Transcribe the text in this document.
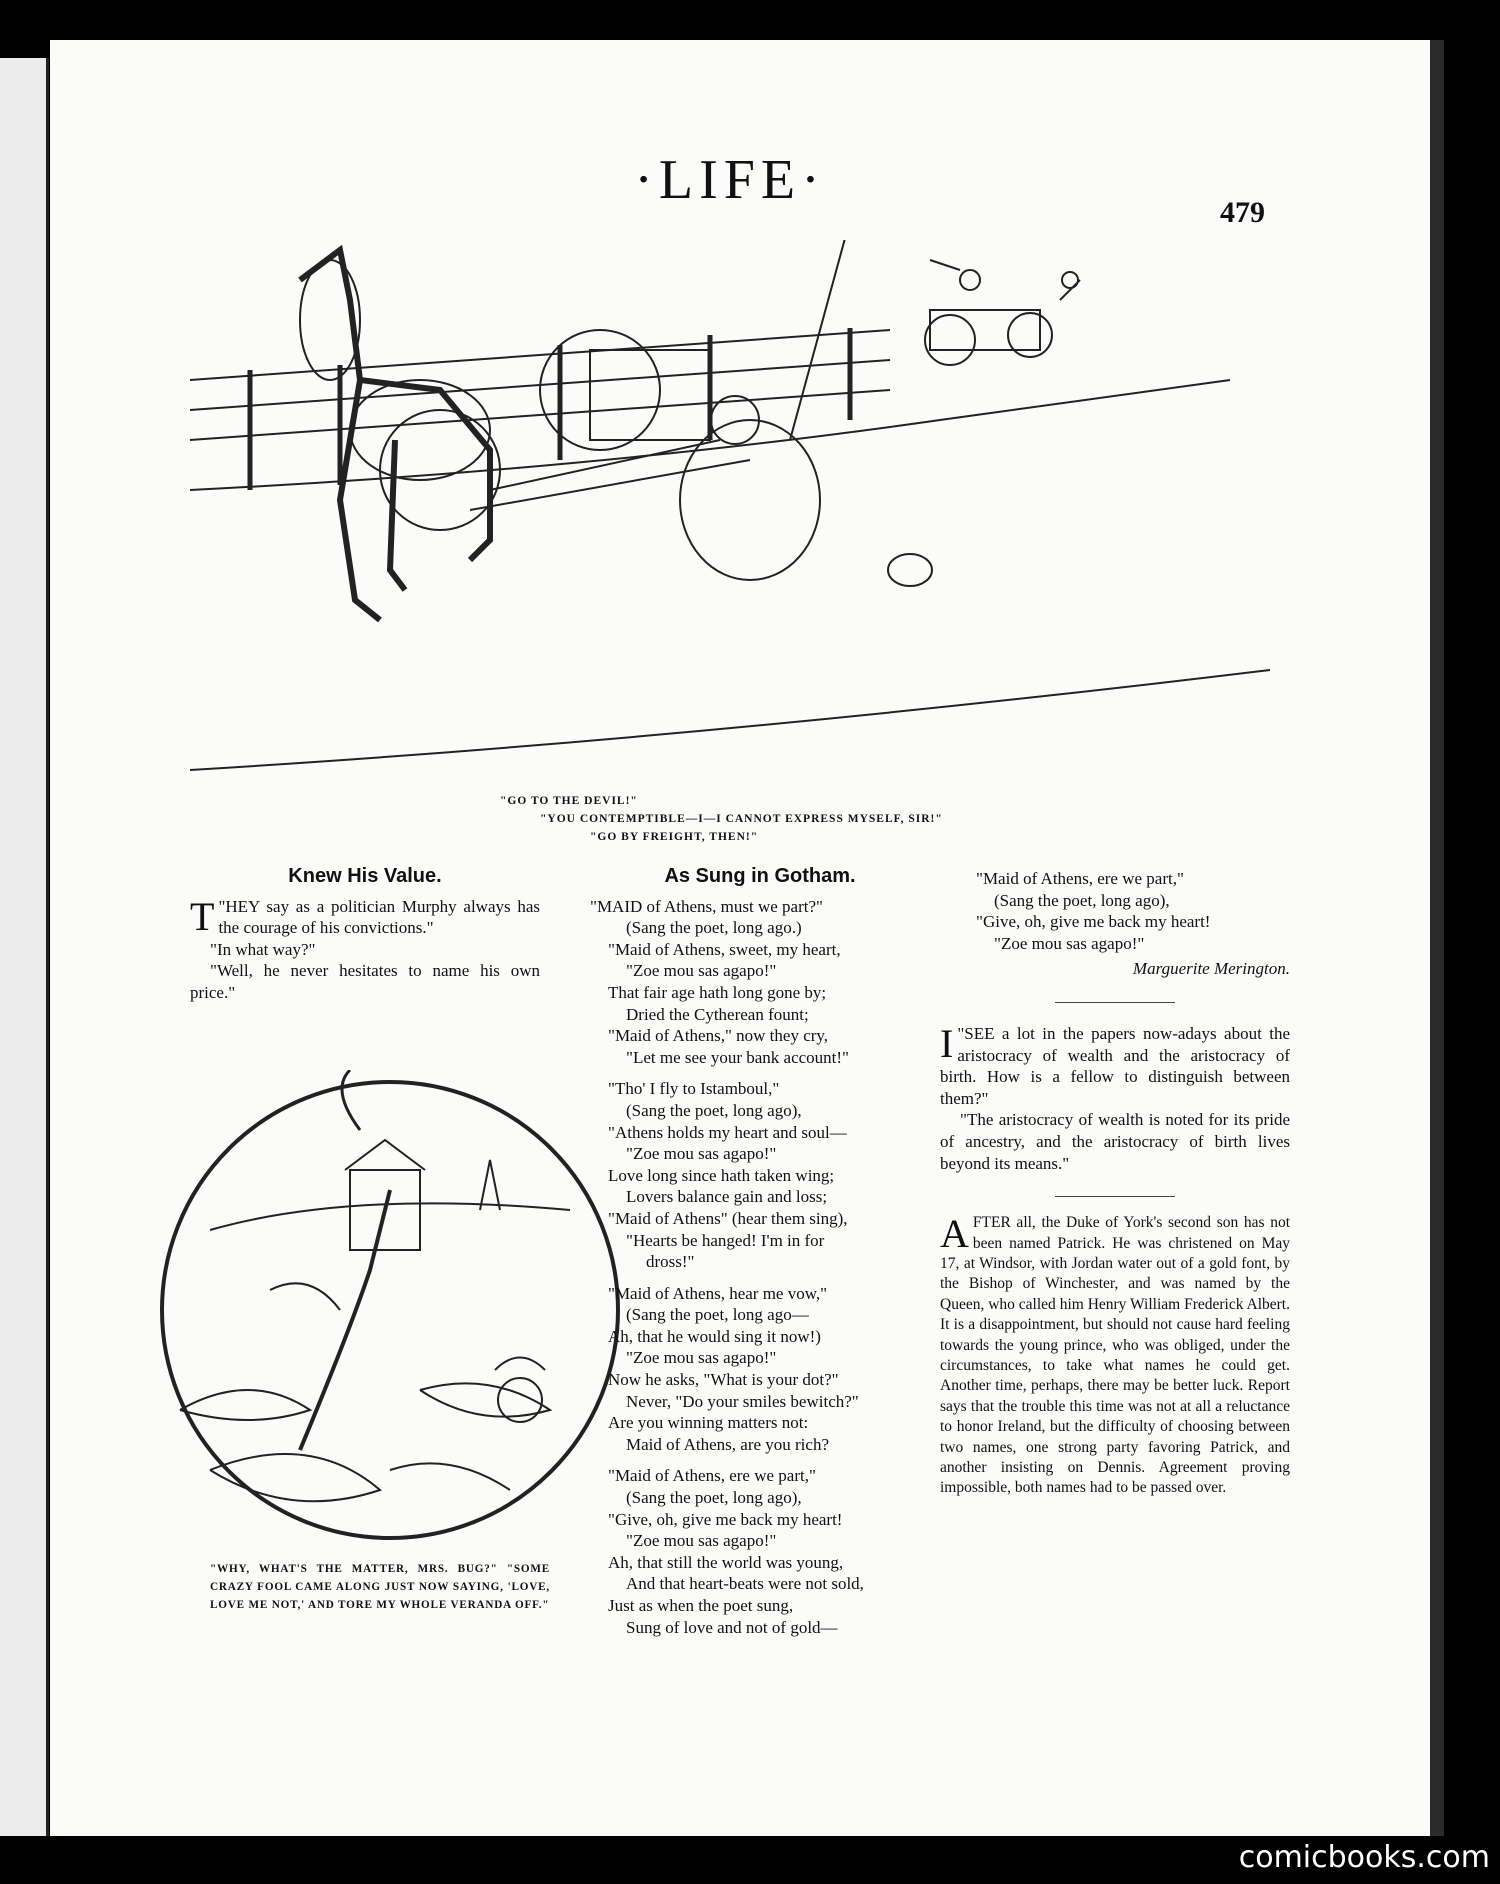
·LIFE·
479
"GO TO THE DEVIL!"
"YOU CONTEMPTIBLE—I—I CANNOT EXPRESS MYSELF, SIR!"
"GO BY FREIGHT, THEN!"
Knew His Value.

"
T HEY say as a politician Murphy always has the courage of his convictions."

"In what way?"

"Well, he never hesitates to name his own price."

"WHY, WHAT'S THE MATTER, MRS. BUG?" "SOME CRAZY FOOL CAME ALONG JUST NOW SAYING, 'LOVE, LOVE ME NOT,' AND TORE MY WHOLE VERANDA OFF."
As Sung in Gotham.
"MAID of Athens, must we part?"
(Sang the poet, long ago.)
"Maid of Athens, sweet, my heart,
"Zoe mou sas agapo!"
That fair age hath long gone by;
Dried the Cytherean fount;
"Maid of Athens," now they cry,
"Let me see your bank account!"
"Tho' I fly to Istamboul,"
(Sang the poet, long ago),
"Athens holds my heart and soul—
"Zoe mou sas agapo!"
Love long since hath taken wing;
Lovers balance gain and loss;
"Maid of Athens" (hear them sing),
"Hearts be hanged! I'm in for
dross!"
"Maid of Athens, hear me vow,"
(Sang the poet, long ago—
Ah, that he would sing it now!)
"Zoe mou sas agapo!"
Now he asks, "What is your dot?"
Never, "Do your smiles bewitch?"
Are you winning matters not:
Maid of Athens, are you rich?
"Maid of Athens, ere we part,"
(Sang the poet, long ago),
"Give, oh, give me back my heart!
"Zoe mou sas agapo!"
Ah, that still the world was young,
And that heart-beats were not sold,
Just as when the poet sung,
Sung of love and not of gold—
"Maid of Athens, ere we part,"
(Sang the poet, long ago),
"Give, oh, give me back my heart!
"Zoe mou sas agapo!"
Marguerite Merington.

"
I SEE a lot in the papers now-adays about the aristocracy of wealth and the aristocracy of birth. How is a fellow to distinguish between them?"

"The aristocracy of wealth is noted for its pride of ancestry, and the aristocracy of birth lives beyond its means."

AFTER all, the Duke of York's second son has not been named Patrick. He was christened on May 17, at Windsor, with Jordan water out of a gold font, by the Bishop of Winchester, and was named by the Queen, who called him Henry William Frederick Albert. It is a disappointment, but should not cause hard feeling towards the young prince, who was obliged, under the circumstances, to take what names he could get. Another time, perhaps, there may be better luck. Report says that the trouble this time was not at all a reluctance to honor Ireland, but the difficulty of choosing between two names, one strong party favoring Patrick, and another insisting on Dennis. Agreement proving impossible, both names had to be passed over.

comicbooks.com
